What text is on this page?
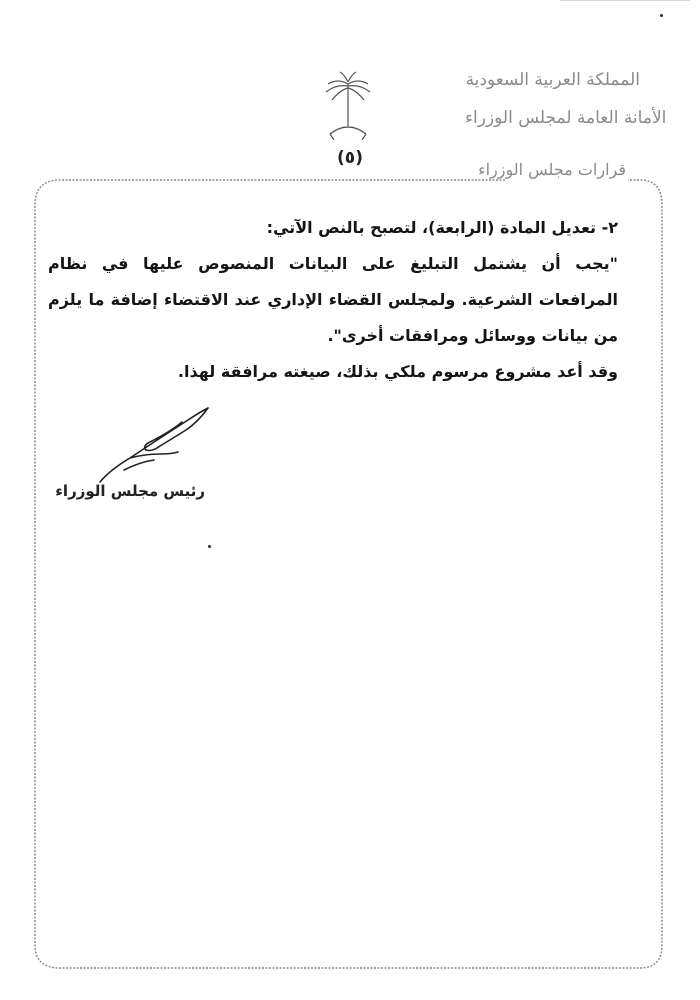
المملكة العربية السعودية
الأمانة العامة لمجلس الوزراء
قرارات مجلس الوزراء
(٥)

٢- تعديل المادة (الرابعة)، لتصبح بالنص الآتي:

"يجب أن يشتمل التبليغ على البيانات المنصوص عليها في نظام المرافعات الشرعية. ولمجلس القضاء الإداري عند الاقتضاء إضافة ما يلزم من بيانات ووسائل ومرافقات أخرى".

وقد أعد مشروع مرسوم ملكي بذلك، صيغته مرافقة لهذا.

رئيس مجلس الوزراء
